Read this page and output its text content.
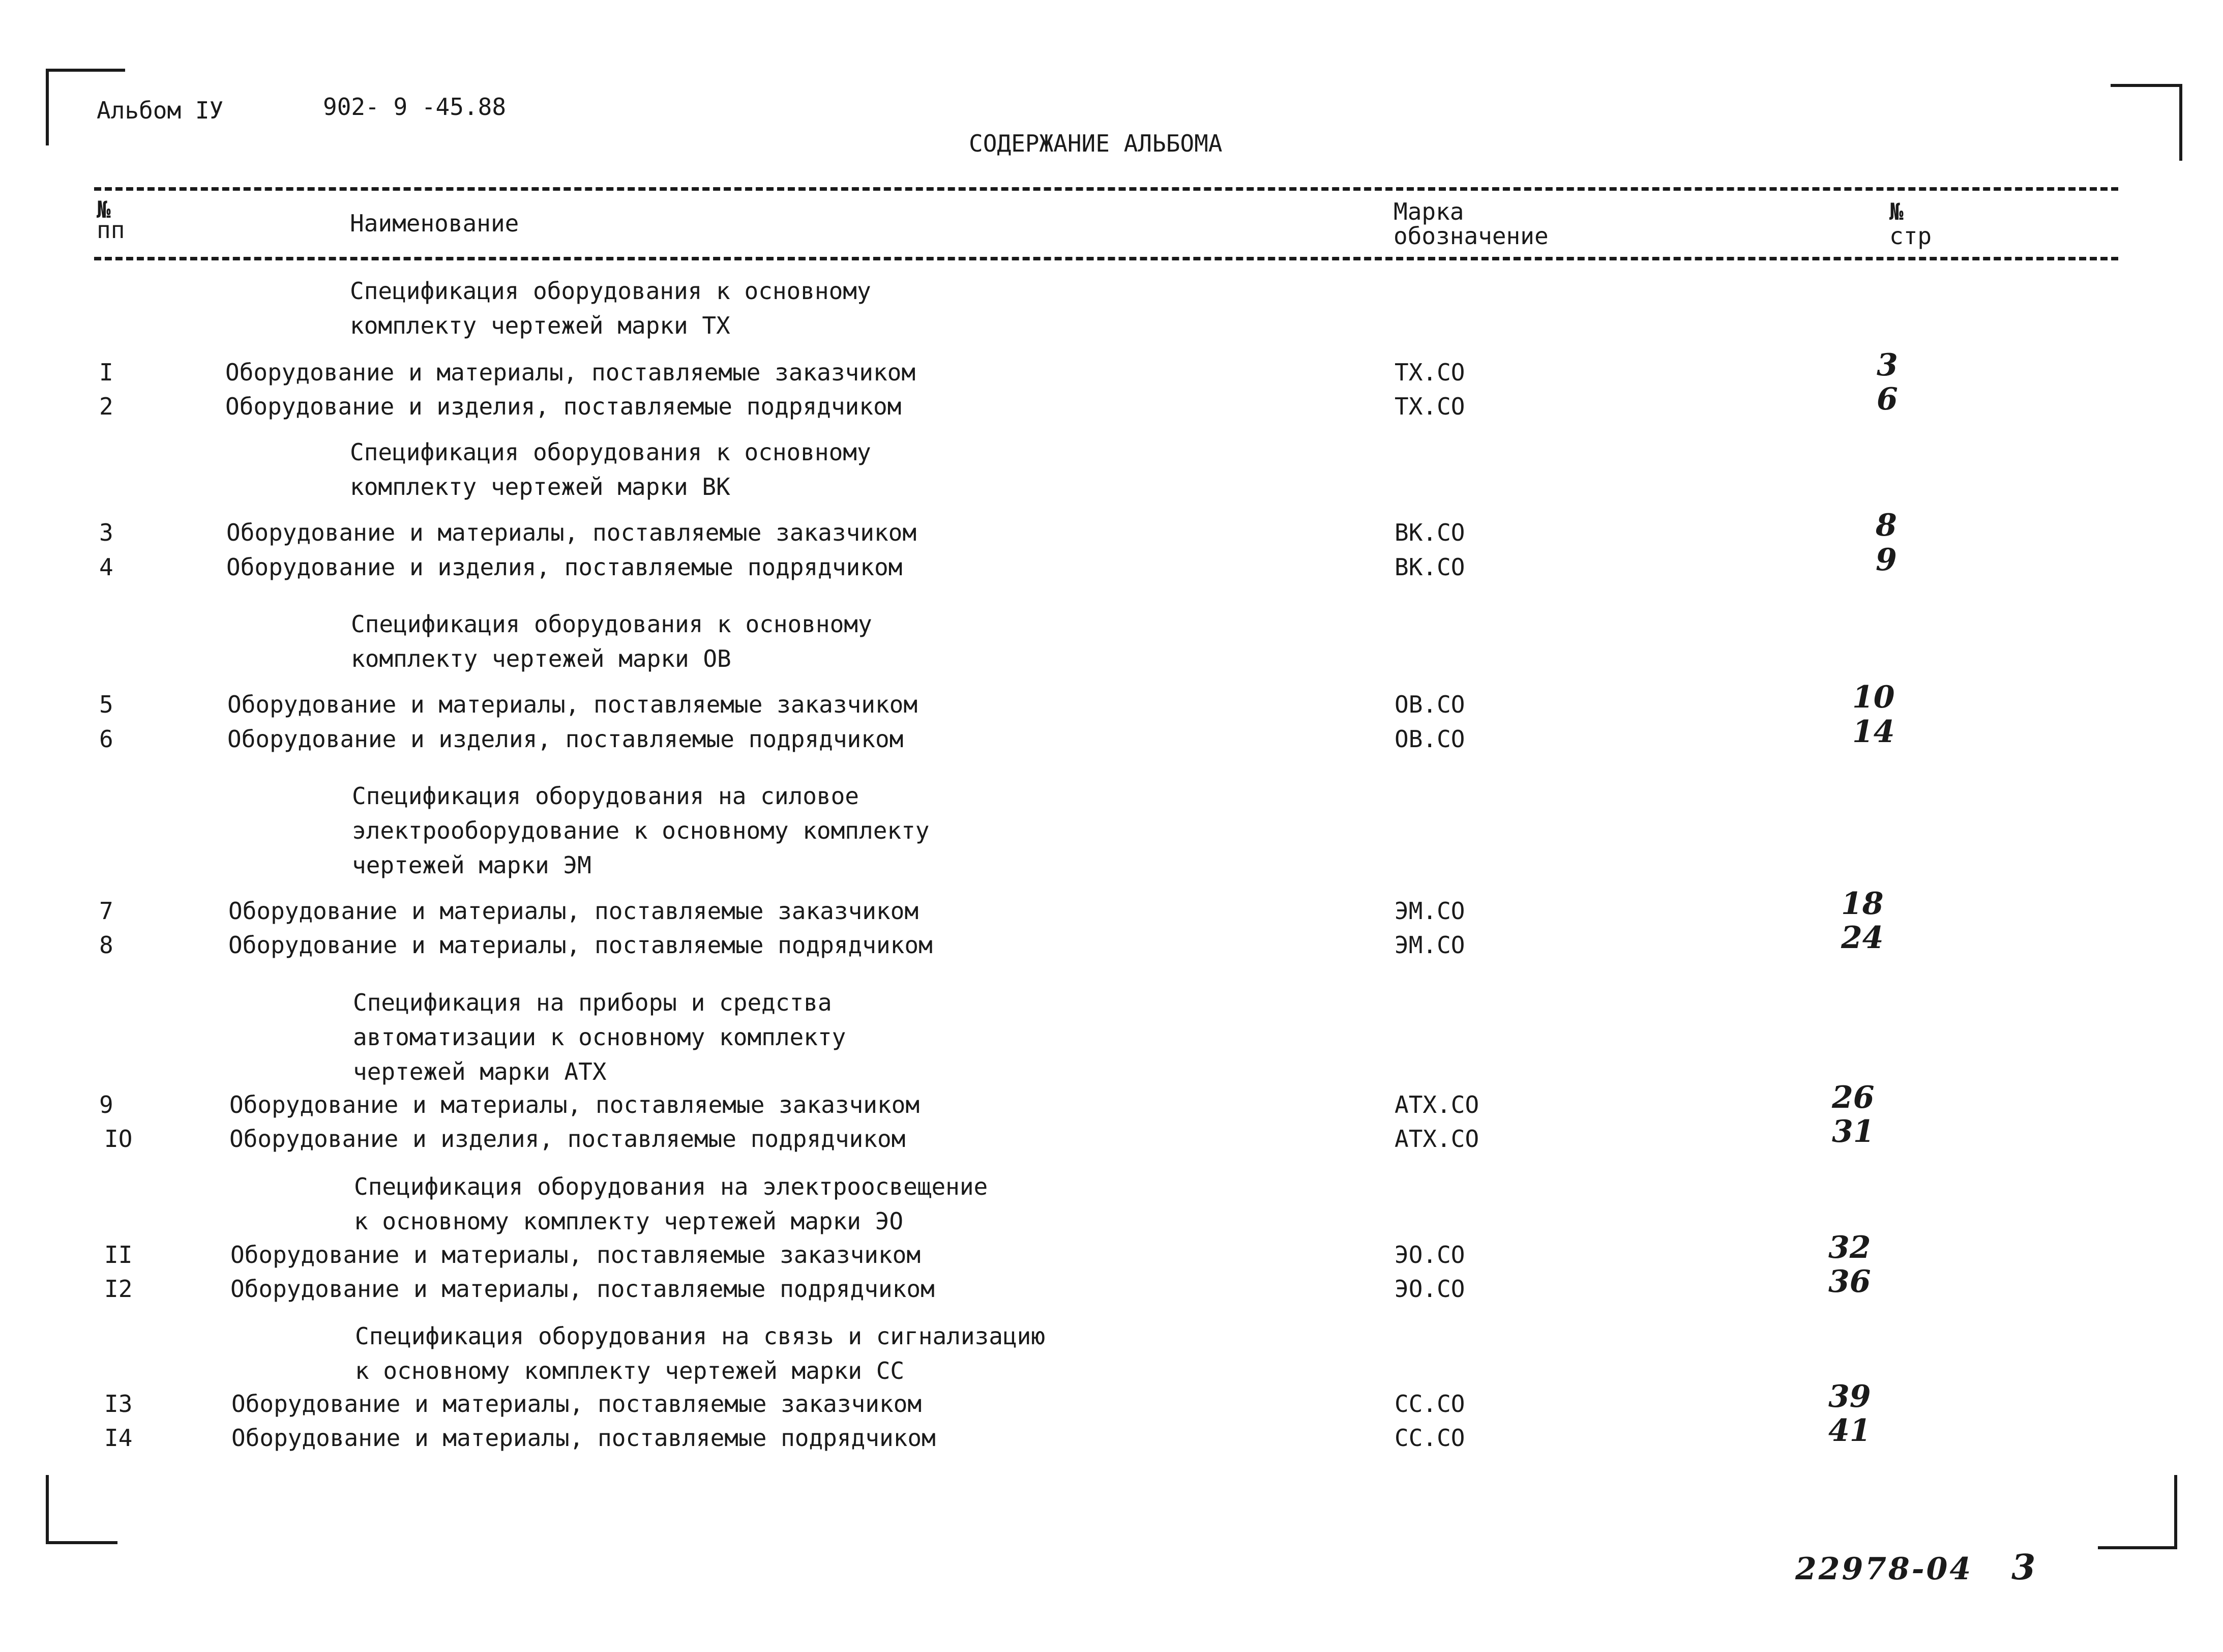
Альбом IУ	902- 9 -45.88
СОДЕРЖАНИЕ АЛЬБОМА
№
пп	Наименование	Марка
обозначение
№
стр
Спецификация оборудования к основному
комплекту чертежей марки ТХ
I	Оборудование и материалы, поставляемые заказчиком	ТХ.СО	3
2	Оборудование и изделия, поставляемые подрядчиком	ТХ.СО	6
Спецификация оборудования к основному
комплекту чертежей марки ВК
3	Оборудование и материалы, поставляемые заказчиком	ВК.СО	8
4	Оборудование и изделия, поставляемые подрядчиком	ВК.СО	9
Спецификация оборудования к основному
комплекту чертежей марки ОВ
5	Оборудование и материалы, поставляемые заказчиком	ОВ.СО	10
6	Оборудование и изделия, поставляемые подрядчиком	ОВ.СО	14
Спецификация оборудования на силовое
электрооборудование к основному комплекту
чертежей марки ЭМ
7	Оборудование и материалы, поставляемые заказчиком	ЭМ.СО	18
8	Оборудование и материалы, поставляемые подрядчиком	ЭМ.СО	24
Спецификация на приборы и средства
автоматизации к основному комплекту
чертежей марки АТХ
9	Оборудование и материалы, поставляемые заказчиком	АТХ.СО	26
IО	Оборудование и изделия, поставляемые подрядчиком	АТХ.СО	31
Спецификация оборудования на электроосвещение
к основному комплекту чертежей марки ЭО
II	Оборудование и материалы, поставляемые заказчиком	ЭО.СО	32
I2	Оборудование и материалы, поставляемые подрядчиком	ЭО.СО	36
Спецификация оборудования на связь и сигнализацию
к основному комплекту чертежей марки СС
I3	Оборудование и материалы, поставляемые заказчиком	СС.СО	39
I4	Оборудование и материалы, поставляемые подрядчиком	СС.СО	41
22978-04 3
